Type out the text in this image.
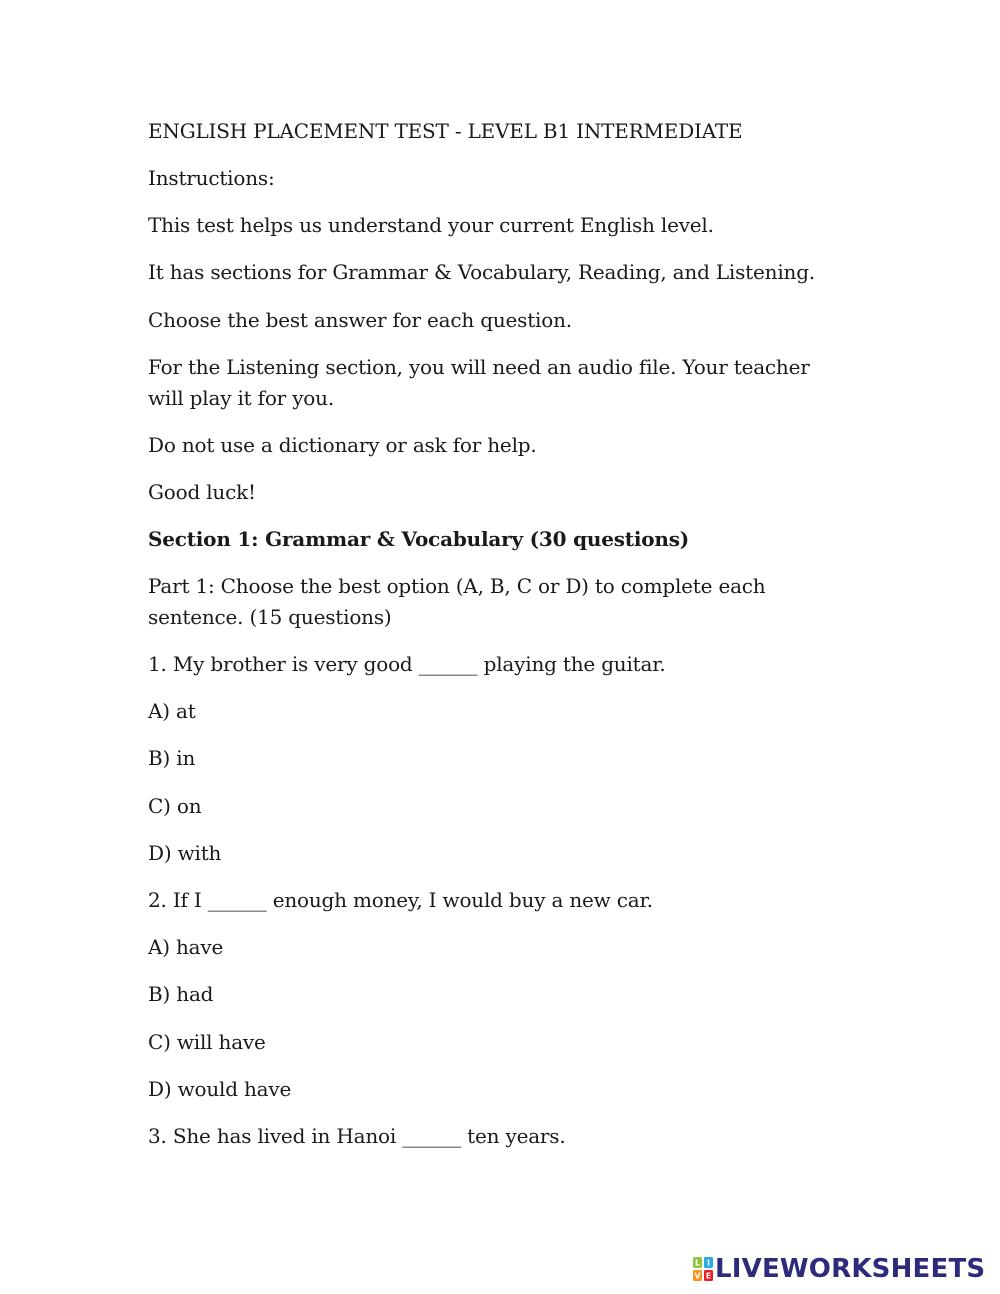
ENGLISH PLACEMENT TEST - LEVEL B1 INTERMEDIATE

Instructions:

This test helps us understand your current English level.

It has sections for Grammar & Vocabulary, Reading, and Listening.

Choose the best answer for each question.

For the Listening section, you will need an audio file. Your teacher will play it for you.

Do not use a dictionary or ask for help.

Good luck!

Section 1: Grammar & Vocabulary (30 questions)

Part 1: Choose the best option (A, B, C or D) to complete each sentence. (15 questions)

1. My brother is very good ______ playing the guitar.

A) at

B) in

C) on

D) with

2. If I ______ enough money, I would buy a new car.

A) have

B) had

C) will have

D) would have

3. She has lived in Hanoi ______ ten years.

L I
V E LIVEWORKSHEETS
